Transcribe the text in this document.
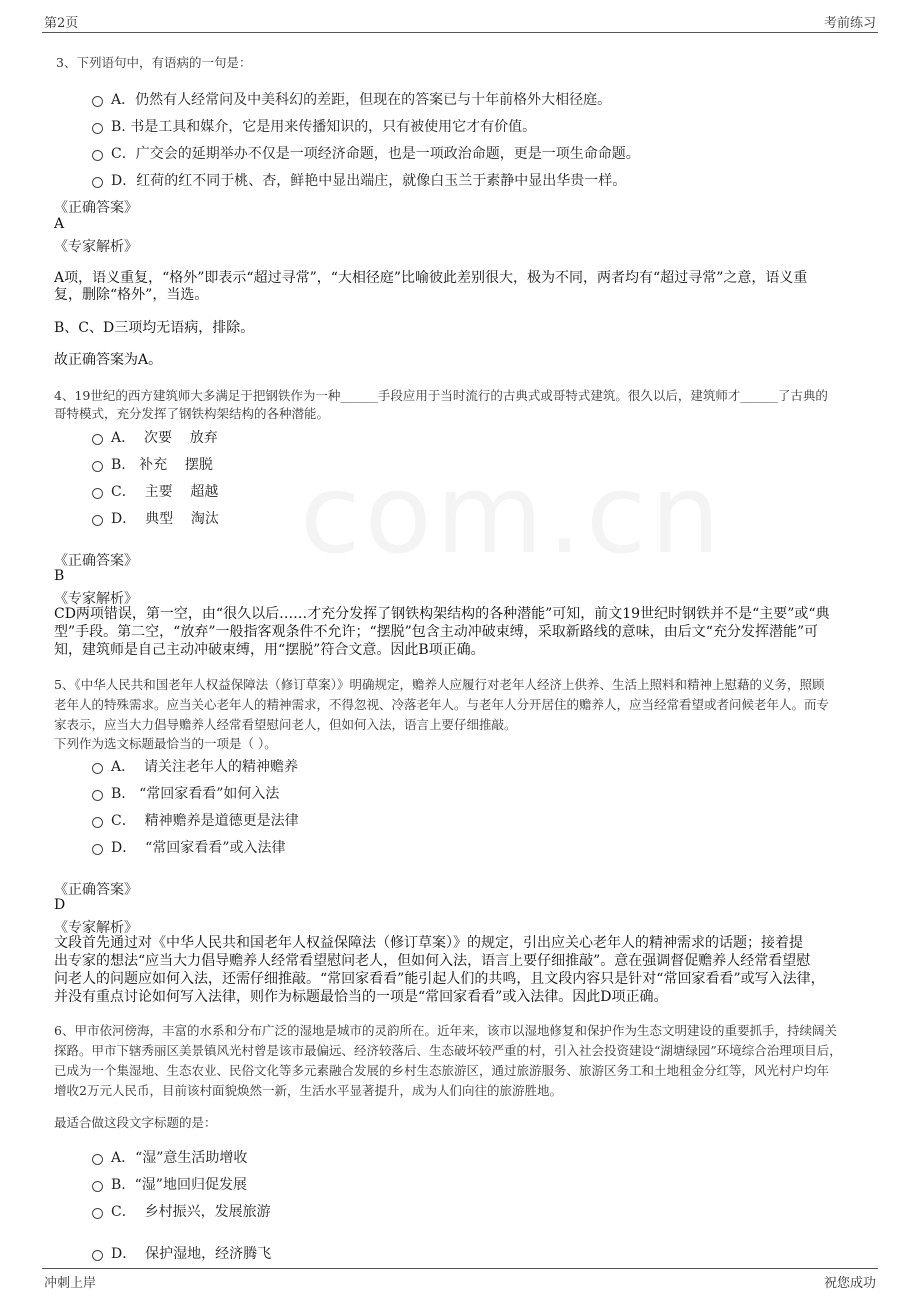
第2页	考前练习
3、下列语句中，有语病的一句是：
A．仍然有人经常问及中美科幻的差距，但现在的答案已与十年前格外大相径庭。
B. 书是工具和媒介，它是用来传播知识的，只有被使用它才有价值。
C．广交会的延期举办不仅是一项经济命题，也是一项政治命题，更是一项生命命题。
D．红荷的红不同于桃、杏，鲜艳中显出端庄，就像白玉兰于素静中显出华贵一样。
《正确答案》
A
《专家解析》
A项，语义重复，“格外”即表示“超过寻常”，“大相径庭”比喻彼此差别很大，极为不同，两者均有“超过寻常”之意，语义重
复，删除“格外”，当选。
B、C、D三项均无语病，排除。
故正确答案为A。
4、19世纪的西方建筑师大多满足于把钢铁作为一种______手段应用于当时流行的古典式或哥特式建筑。很久以后，建筑师才______了古典的
哥特模式，充分发挥了钢铁构架结构的各种潜能。
A．  次要    放弃
B.   补充    摆脱
C．  主要    超越
D．  典型    淘汰
《正确答案》
B
《专家解析》
CD两项错误，第一空，由“很久以后……才充分发挥了钢铁构架结构的各种潜能”可知，前文19世纪时钢铁并不是“主要”或“典
型”手段。第二空，“放弃”一般指客观条件不允许；“摆脱”包含主动冲破束缚，采取新路线的意味，由后文“充分发挥潜能”可
知，建筑师是自己主动冲破束缚，用“摆脱”符合文意。因此B项正确。
5、《中华人民共和国老年人权益保障法（修订草案）》明确规定，赡养人应履行对老年人经济上供养、生活上照料和精神上慰藉的义务，照顾
老年人的特殊需求。应当关心老年人的精神需求，不得忽视、冷落老年人。与老年人分开居住的赡养人，应当经常看望或者问候老年人。而专
家表示，应当大力倡导赡养人经常看望慰问老人，但如何入法，语言上要仔细推敲。
下列作为选文标题最恰当的一项是（ ）。
A．  请关注老年人的精神赡养
B.   “常回家看看”如何入法
C．  精神赡养是道德更是法律
D．  “常回家看看”或入法律
《正确答案》
D
《专家解析》
文段首先通过对《中华人民共和国老年人权益保障法（修订草案）》的规定，引出应关心老年人的精神需求的话题；接着提
出专家的想法“应当大力倡导赡养人经常看望慰问老人，但如何入法，语言上要仔细推敲”。意在强调督促赡养人经常看望慰
问老人的问题应如何入法，还需仔细推敲。“常回家看看”能引起人们的共鸣，且文段内容只是针对“常回家看看”或写入法律，
并没有重点讨论如何写入法律，则作为标题最恰当的一项是“常回家看看”或入法律。因此D项正确。
6、甲市依河傍海，丰富的水系和分布广泛的湿地是城市的灵韵所在。近年来，该市以湿地修复和保护作为生态文明建设的重要抓手，持续阔关
探路。甲市下辖秀丽区美景镇风光村曾是该市最偏远、经济较落后、生态破坏较严重的村，引入社会投资建设“湖塘绿园”环境综合治理项目后，
已成为一个集湿地、生态农业、民俗文化等多元素融合发展的乡村生态旅游区，通过旅游服务、旅游区务工和土地租金分红等，风光村户均年
增收2万元人民币，目前该村面貌焕然一新，生活水平显著提升，成为人们向往的旅游胜地。
最适合做这段文字标题的是：
A．“湿”意生活助增收
B.  “湿”地回归促发展
C．  乡村振兴，发展旅游
D．  保护湿地，经济腾飞
冲刺上岸	祝您成功
